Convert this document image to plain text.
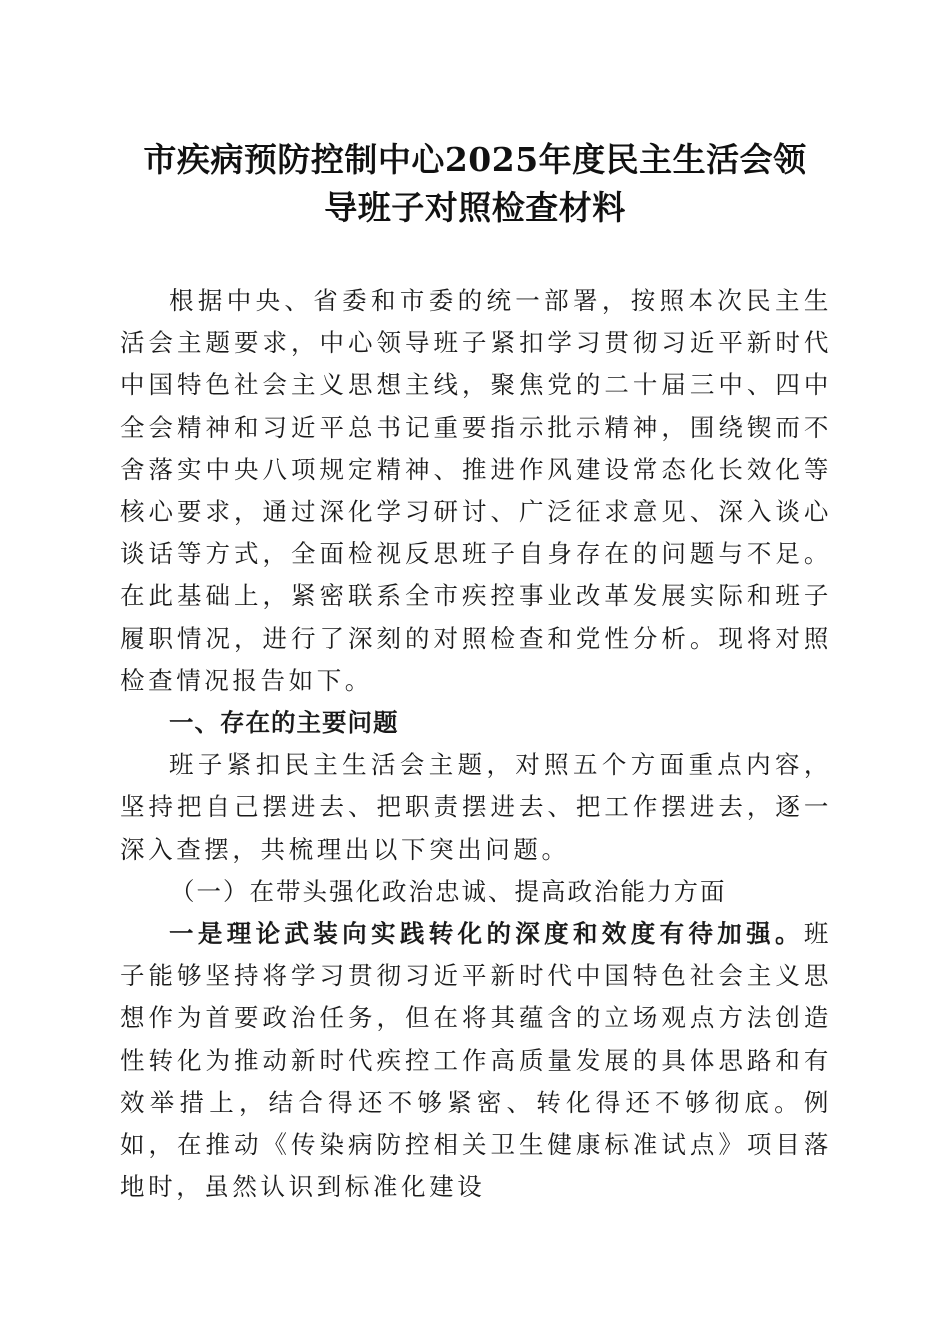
市疾病预防控制中心2025年度民主生活会领
导班子对照检查材料

根据中央、省委和市委的统一部署，按照本次民主生活会主题要求，中心领导班子紧扣学习贯彻习近平新时代中国特色社会主义思想主线，聚焦党的二十届三中、四中全会精神和习近平总书记重要指示批示精神，围绕锲而不舍落实中央八项规定精神、推进作风建设常态化长效化等核心要求，通过深化学习研讨、广泛征求意见、深入谈心谈话等方式，全面检视反思班子自身存在的问题与不足。在此基础上，紧密联系全市疾控事业改革发展实际和班子履职情况，进行了深刻的对照检查和党性分析。现将对照检查情况报告如下。

一、存在的主要问题

班子紧扣民主生活会主题，对照五个方面重点内容，坚持把自己摆进去、把职责摆进去、把工作摆进去，逐一深入查摆，共梳理出以下突出问题。

（一）在带头强化政治忠诚、提高政治能力方面

一是理论武装向实践转化的深度和效度有待加强。班子能够坚持将学习贯彻习近平新时代中国特色社会主义思想作为首要政治任务，但在将其蕴含的立场观点方法创造性转化为推动新时代疾控工作高质量发展的具体思路和有效举措上，结合得还不够紧密、转化得还不够彻底。例如，在推动《传染病防控相关卫生健康标准试点》项目落地时，虽然认识到标准化建设
